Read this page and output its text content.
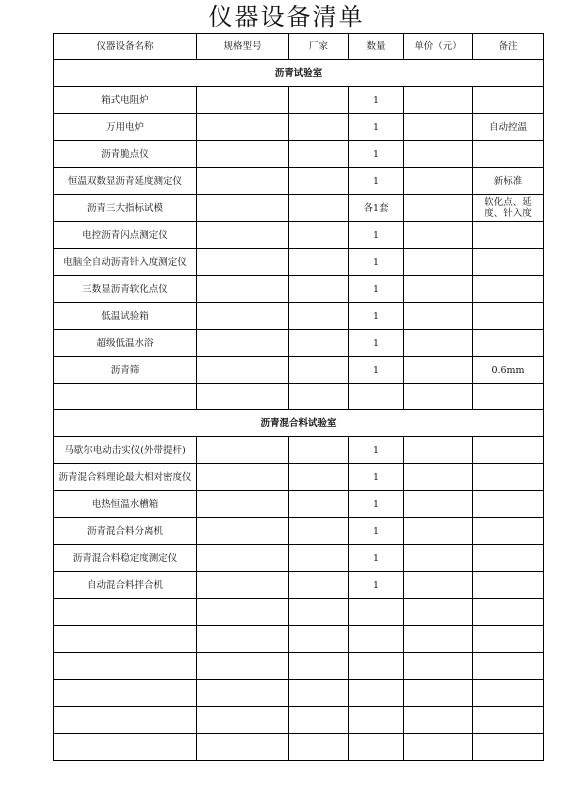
仪器设备清单
仪器设备名称	规格型号	厂家	数量	单价（元）	备注
沥青试验室					
箱式电阻炉			1		
万用电炉			1		自动控温
沥青脆点仪			1		
恒温双数显沥青延度测定仪			1		新标准
沥青三大指标试模			各1套		软化点、延度、针入度
电控沥青闪点测定仪			1		
电脑全自动沥青针入度测定仪			1		
三数显沥青软化点仪			1		
低温试验箱			1		
超级低温水浴			1		
沥青筛			1		0.6mm

沥青混合料试验室					
马歇尔电动击实仪(外带提杆)			1		
沥青混合料理论最大相对密度仪			1		
电热恒温水槽箱			1		
沥青混合料分离机			1		
沥青混合料稳定度测定仪			1		
自动混合料拌合机			1		
